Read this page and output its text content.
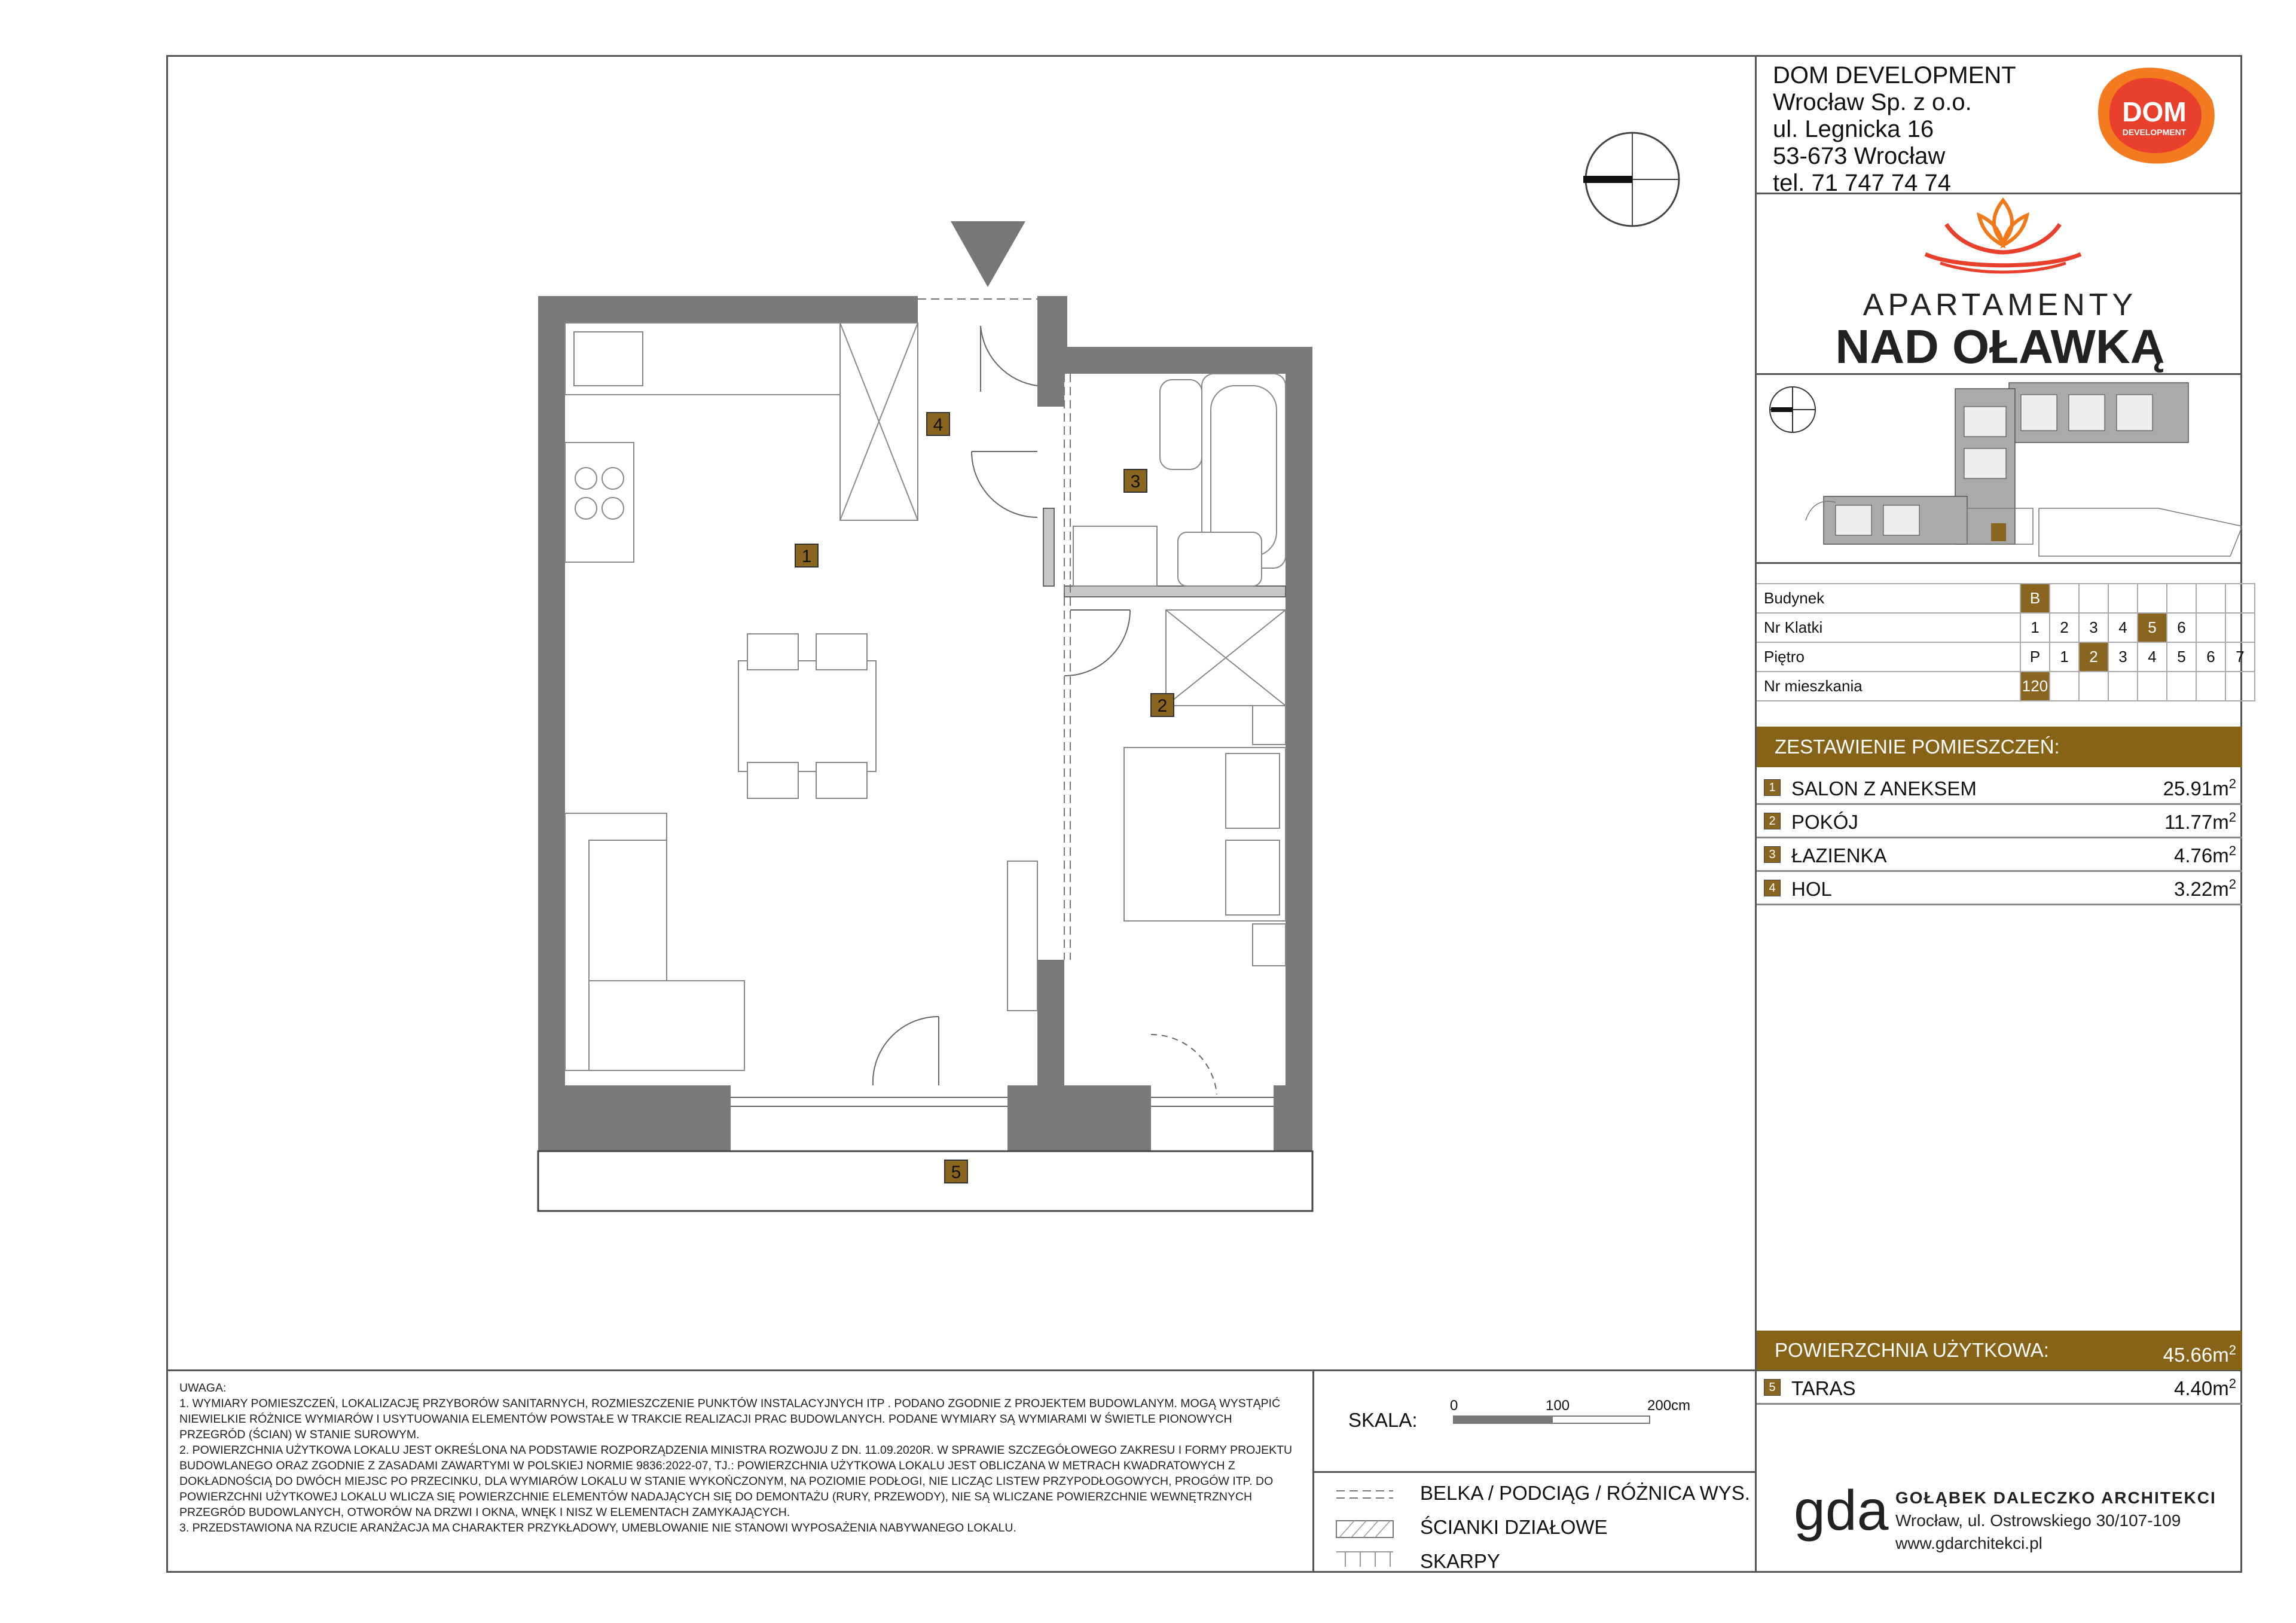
DOM DEVELOPMENT
Wrocław Sp. z o.o.
ul. Legnicka 16
53-673 Wrocław
tel. 71 747 74 74
DOM
DEVELOPMENT
APARTAMENTY
NAD OŁAWKĄ
Budynek	B							
Nr Klatki	1	2	3	4	5	6		
Piętro	P	1	2	3	4	5	6	7
Nr mieszkania	120							
ZESTAWIENIE POMIESZCZEŃ:
1 SALON Z ANEKSEM	$25.91m^2$
2 POKÓJ	$11.77m^2$
3 ŁAZIENKA	$4.76m^2$
4 HOL	$3.22m^2$
POWIERZCHNIA UŻYTKOWA:	$45.66m^2$
5 TARAS	$4.40m^2$
1
2
3
4
5

UWAGA:

1. WYMIARY POMIESZCZEŃ, LOKALIZACJĘ PRZYBORÓW SANITARNYCH, ROZMIESZCZENIE PUNKTÓW INSTALACYJNYCH ITP . PODANO ZGODNIE Z PROJEKTEM BUDOWLANYM. MOGĄ WYSTĄPIĆ NIEWIELKIE RÓŻNICE WYMIARÓW I USYTUOWANIA ELEMENTÓW POWSTAŁE W TRAKCIE REALIZACJI PRAC BUDOWLANYCH. PODANE WYMIARY SĄ WYMIARAMI W ŚWIETLE PIONOWYCH PRZEGRÓD (ŚCIAN) W STANIE SUROWYM.

2. POWIERZCHNIA UŻYTKOWA LOKALU JEST OKREŚLONA NA PODSTAWIE ROZPORZĄDZENIA MINISTRA ROZWOJU Z DN. 11.09.2020R. W SPRAWIE SZCZEGÓŁOWEGO ZAKRESU I FORMY PROJEKTU BUDOWLANEGO ORAZ ZGODNIE Z ZASADAMI ZAWARTYMI W POLSKIEJ NORMIE 9836:2022-07, TJ.: POWIERZCHNIA UŻYTKOWA LOKALU JEST OBLICZANA W METRACH KWADRATOWYCH Z DOKŁADNOŚCIĄ DO DWÓCH MIEJSC PO PRZECINKU, DLA WYMIARÓW LOKALU W STANIE WYKOŃCZONYM, NA POZIOMIE PODŁOGI, NIE LICZĄC LISTEW PRZYPODŁOGOWYCH, PROGÓW ITP. DO POWIERZCHNI UŻYTKOWEJ LOKALU WLICZA SIĘ POWIERZCHNIE ELEMENTÓW NADAJĄCYCH SIĘ DO DEMONTAŻU (RURY, PRZEWODY), NIE SĄ WLICZANE POWIERZCHNIE WEWNĘTRZNYCH PRZEGRÓD BUDOWLANYCH, OTWORÓW NA DRZWI I OKNA, WNĘK I NISZ W ELEMENTACH ZAMYKAJĄCYCH.

3. PRZEDSTAWIONA NA RZUCIE ARANŻACJA MA CHARAKTER PRZYKŁADOWY, UMEBLOWANIE NIE STANOWI WYPOSAŻENIA NABYWANEGO LOKALU.

SKALA:
0	100	200cm
BELKA / PODCIĄG / RÓŻNICA WYS.
ŚCIANKI DZIAŁOWE
SKARPY
gda GOŁĄBEK DALECZKO ARCHITEKCI
Wrocław, ul. Ostrowskiego 30/107-109
www.gdarchitekci.pl
